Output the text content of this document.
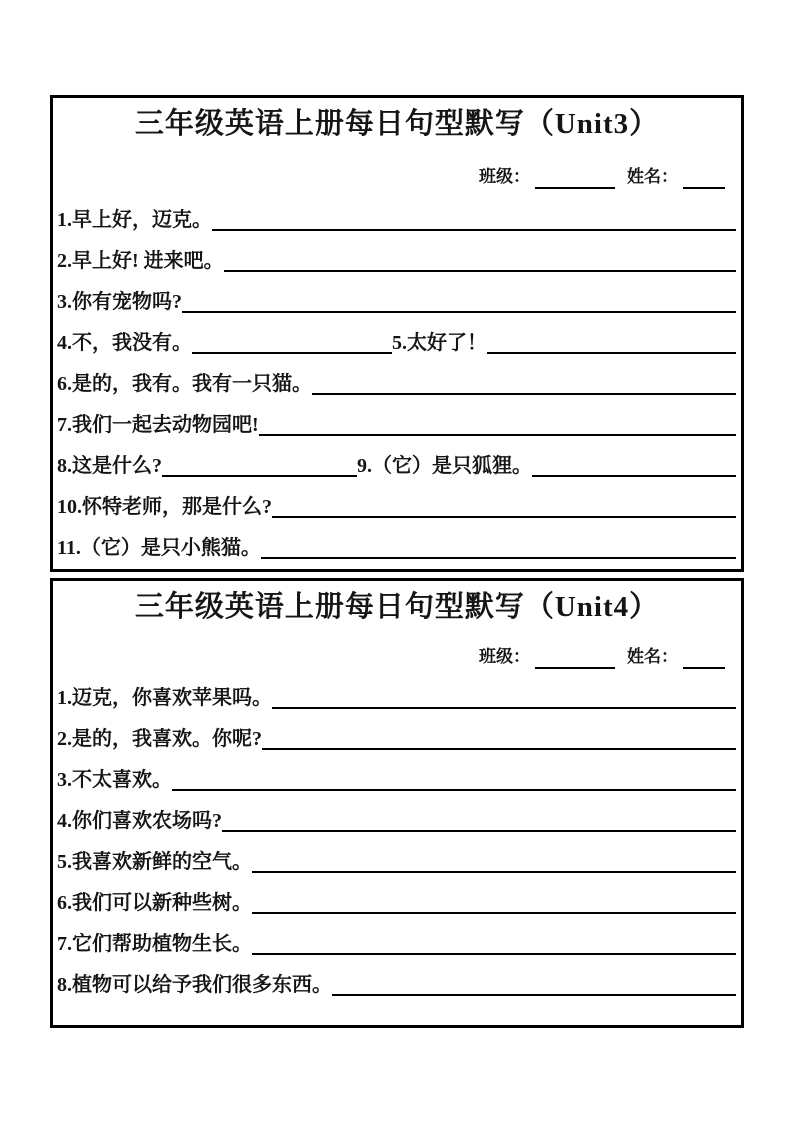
三年级英语上册每日句型默写（Unit3）
班级：	姓名：
1.早上好，迈克。
2.早上好! 进来吧。
3.你有宠物吗?
4.不，我没有。	5.太好了！
6.是的，我有。我有一只猫。
7.我们一起去动物园吧!
8.这是什么?	9.（它）是只狐狸。
10.怀特老师，那是什么?
11.（它）是只小熊猫。
三年级英语上册每日句型默写（Unit4）
班级：	姓名：
1.迈克，你喜欢苹果吗。
2.是的，我喜欢。你呢?
3.不太喜欢。
4.你们喜欢农场吗?
5.我喜欢新鲜的空气。
6.我们可以新种些树。
7.它们帮助植物生长。
8.植物可以给予我们很多东西。
